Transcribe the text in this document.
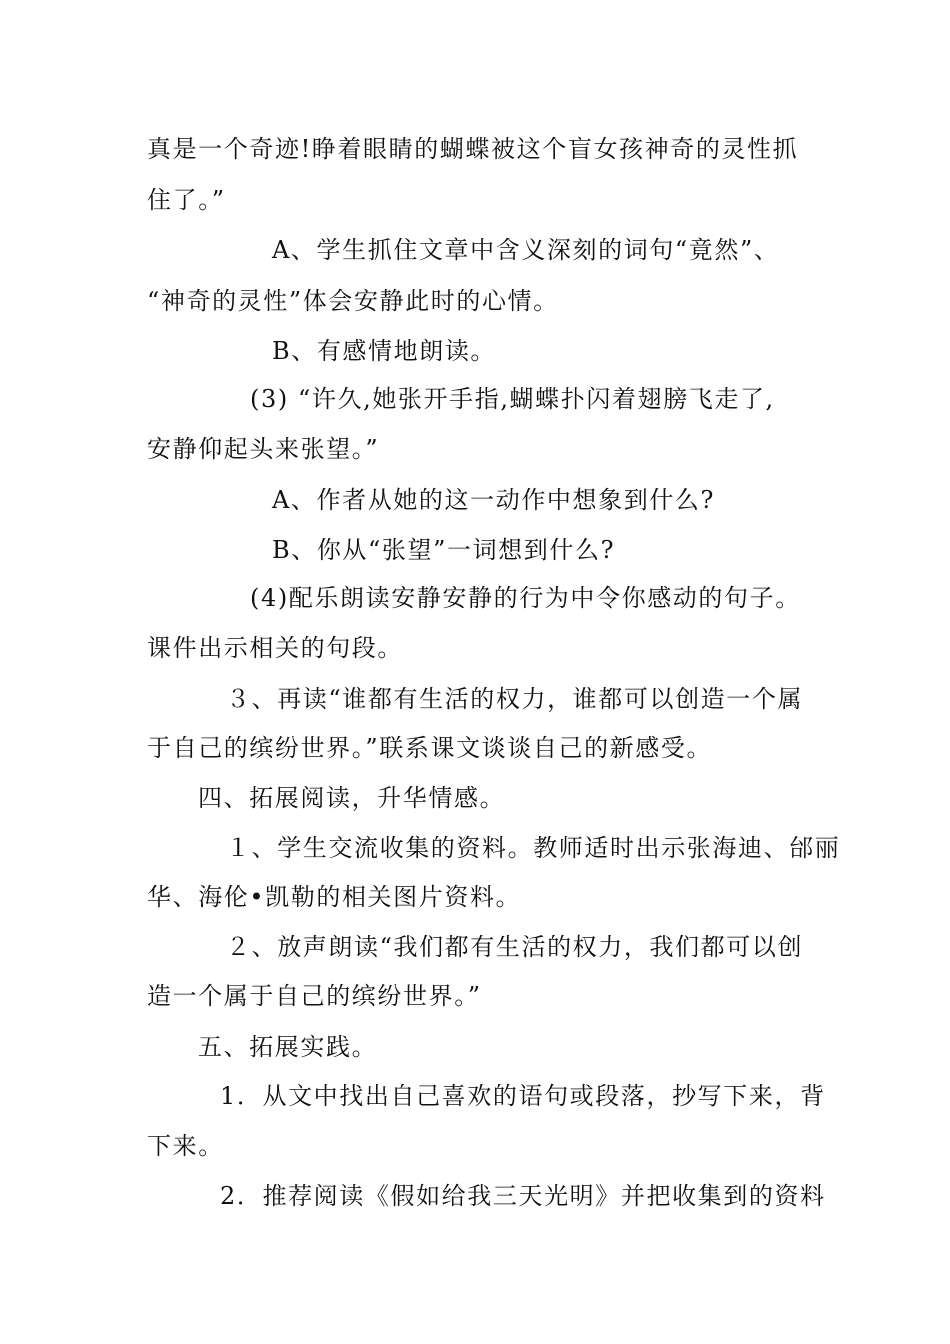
真是一个奇迹!睁着眼睛的蝴蝶被这个盲女孩神奇的灵性抓
住了。”
A、学生抓住文章中含义深刻的词句“竟然”、
“神奇的灵性”体会安静此时的心情。
B、有感情地朗读。
(3) “许久,她张开手指,蝴蝶扑闪着翅膀飞走了,
安静仰起头来张望。”
A、作者从她的这一动作中想象到什么?
B、你从“张望”一词想到什么?
(4)配乐朗读安静安静的行为中令你感动的句子。
课件出示相关的句段。
３、再读“谁都有生活的权力，谁都可以创造一个属
于自己的缤纷世界。”联系课文谈谈自己的新感受。
四、拓展阅读，升华情感。
１、学生交流收集的资料。教师适时出示张海迪、邰丽
华、海伦•凯勒的相关图片资料。
２、放声朗读“我们都有生活的权力，我们都可以创
造一个属于自己的缤纷世界。”
五、拓展实践。
1．从文中找出自己喜欢的语句或段落，抄写下来，背
下来。
2．推荐阅读《假如给我三天光明》并把收集到的资料
